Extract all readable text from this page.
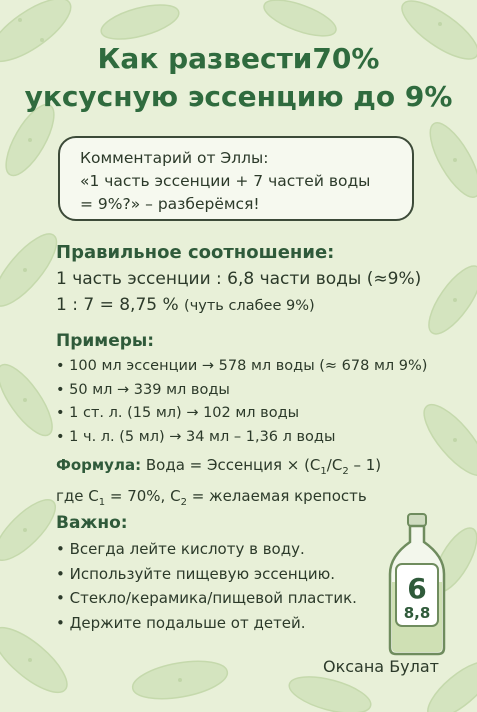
Как развести70%
уксусную эссенцию до 9%
Комментарий от Эллы:
«1 часть эссенции + 7 частей воды
= 9%?» – разберёмся!
Правильное соотношение:
1 часть эссенции : 6,8 части воды (≈9%)
1 : 7 = 8,75 % (чуть слабее 9%)
Примеры:
• 100 мл эссенции → 578 мл воды (≈ 678 мл 9%)
• 50 мл → 339 мл воды
• 1 ст. л. (15 мл) → 102 мл воды
• 1 ч. л. (5 мл) → 34 мл – 1,36 л воды
Формула: Вода = Эссенция × $(C_1/C_2 - 1)$
где $C_1 = 70\%$, $C_2$ = желаемая крепость
Важно:
• Всегда лейте кислоту в воду.
• Используйте пищевую эссенцию.
• Стекло/керамика/пищевой пластик.
• Держите подальше от детей.
6
8,8
Оксана Булат
